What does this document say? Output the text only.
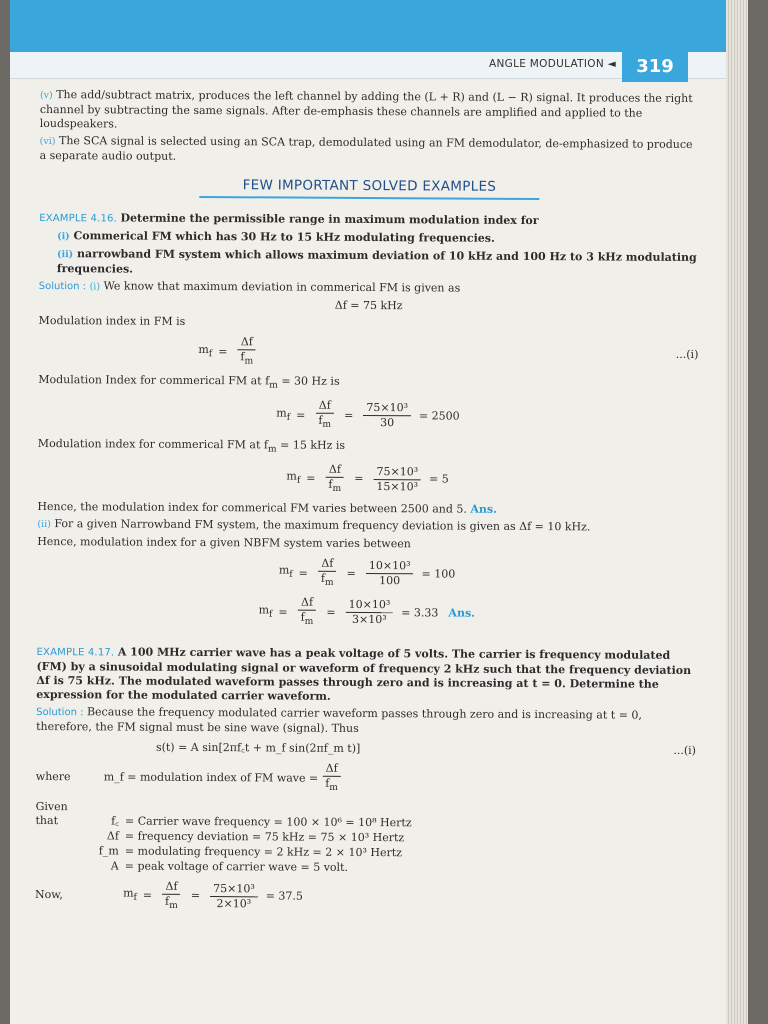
ANGLE MODULATION ◄	319

(v) The add/subtract matrix, produces the left channel by adding the (L + R) and (L − R) signal. It produces the right channel by subtracting the same signals. After de-emphasis these channels are amplified and applied to the loudspeakers.

(vi) The SCA signal is selected using an SCA trap, demodulated using an FM demodulator, de-emphasized to produce a separate audio output.

FEW IMPORTANT SOLVED EXAMPLES

EXAMPLE 4.16. Determine the permissible range in maximum modulation index for

(i) Commerical FM which has 30 Hz to 15 kHz modulating frequencies.

(ii) narrowband FM system which allows maximum deviation of 10 kHz and 100 Hz to 3 kHz modulating frequencies.

Solution : (i) We know that maximum deviation in commerical FM is given as

Δf = 75 kHz

Modulation index in FM is

$m_f = \frac{\Delta f}{f_m}$	...(i)

Modulation Index for commerical FM at $f_m = 30$ Hz is

$m_f = \frac{\Delta f}{f_m} = \frac{\text{75×10³}}{30} = 2500$

Modulation index for commerical FM at $f_m = 15$ kHz is

$m_f = \frac{\Delta f}{f_m} = \frac{\text{75×10³}}{\text{15×10³}} = 5$

Hence, the modulation index for commerical FM varies between 2500 and 5. Ans.

(ii) For a given Narrowband FM system, the maximum frequency deviation is given as Δf = 10 kHz.

Hence, modulation index for a given NBFM system varies between

$m_f = \frac{\Delta f}{f_m} = \frac{\text{10×10³}}{100} = 100$
$m_f = \frac{\Delta f}{f_m} = \frac{\text{10×10³}}{\text{3×10³}} = 3.33$ Ans.

EXAMPLE 4.17. A 100 MHz carrier wave has a peak voltage of 5 volts. The carrier is frequency modulated (FM) by a sinusoidal modulating signal or waveform of frequency 2 kHz such that the frequency deviation Δf is 75 kHz. The modulated waveform passes through zero and is increasing at t = 0. Determine the expression for the modulated carrier waveform.

Solution : Because the frequency modulated carrier waveform passes through zero and is increasing at t = 0, therefore, the FM signal must be sine wave (signal). Thus

s(t) = A sin[2πf꜀t + m_f sin(2πf_m t)]	...(i)
where	m_f = modulation index of FM wave = $\frac{\Delta f}{f_m}$
Given that	f꜀ = Carrier wave frequency = 100 × 10⁶ = 10⁸ Hertz
Δf = frequency deviation = 75 kHz = 75 × 10³ Hertz
f_m = modulating frequency = 2 kHz = 2 × 10³ Hertz
A = peak voltage of carrier wave = 5 volt.
Now,	$m_f = \frac{\Delta f}{f_m} = \frac{\text{75×10³}}{\text{2×10³}} = 37.5$
